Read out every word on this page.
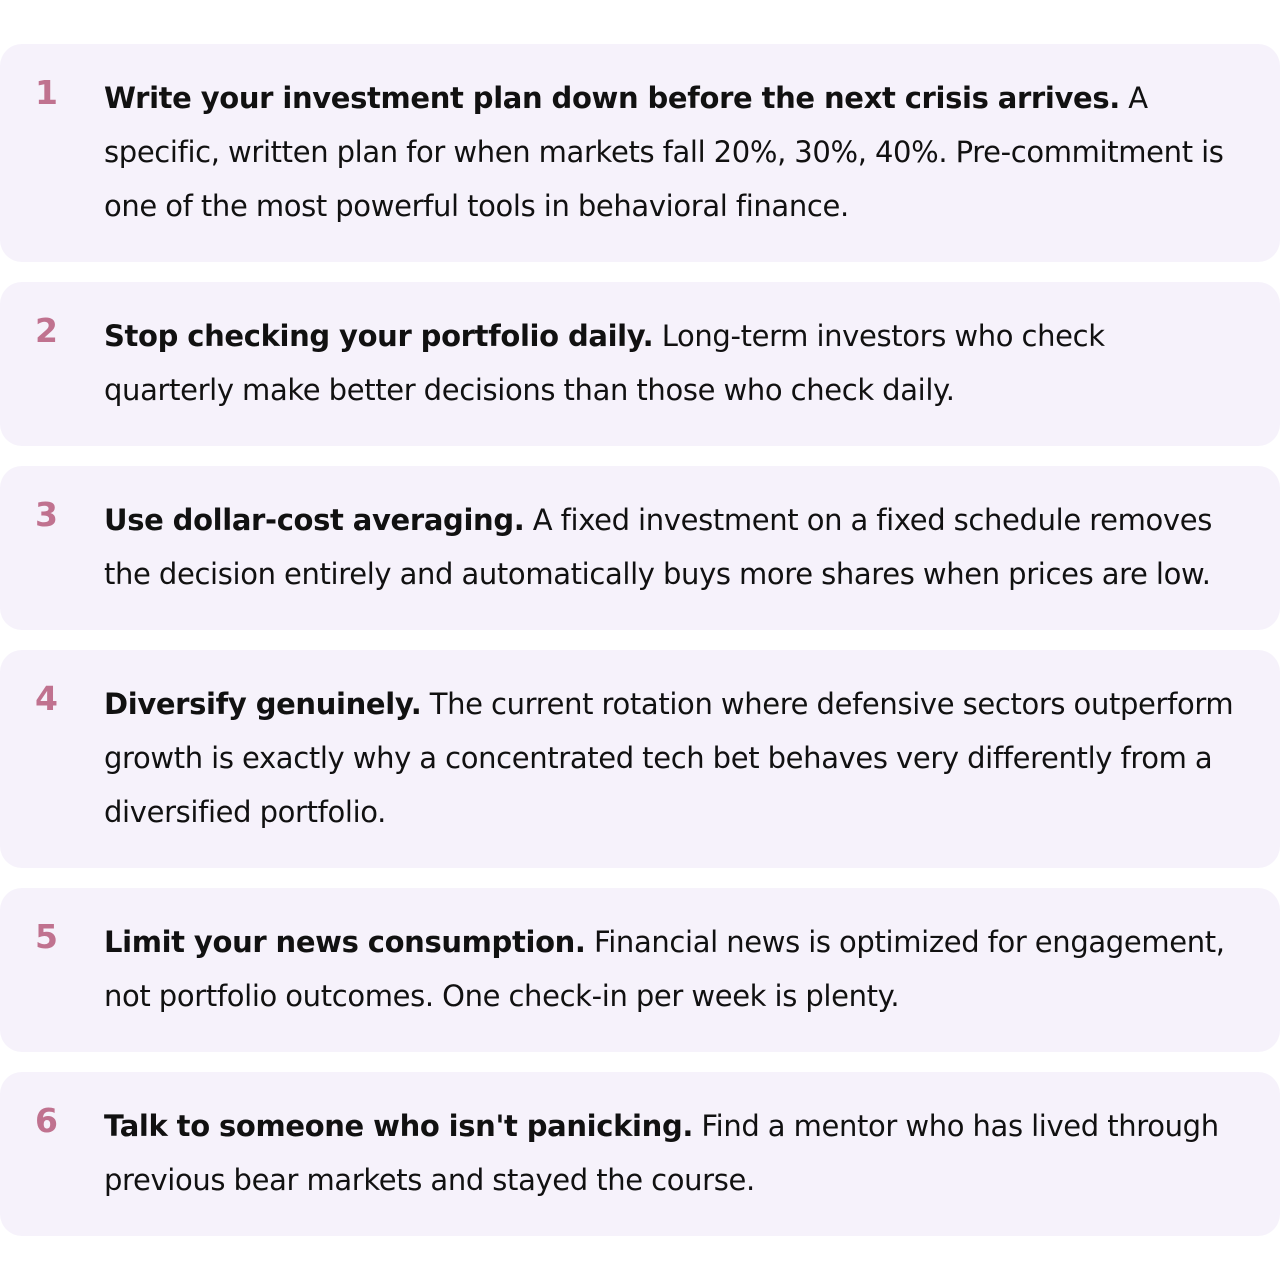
1 Write your investment plan down before the next crisis arrives. A specific, written plan for when markets fall 20%, 30%, 40%. Pre-commitment is one of the most powerful tools in behavioral finance.
2 Stop checking your portfolio daily. Long-term investors who check quarterly make better decisions than those who check daily.
3 Use dollar-cost averaging. A fixed investment on a fixed schedule removes the decision entirely and automatically buys more shares when prices are low.
4 Diversify genuinely. The current rotation where defensive sectors outperform growth is exactly why a concentrated tech bet behaves very differently from a diversified portfolio.
5 Limit your news consumption. Financial news is optimized for engagement, not portfolio outcomes. One check-in per week is plenty.
6 Talk to someone who isn't panicking. Find a mentor who has lived through previous bear markets and stayed the course.
